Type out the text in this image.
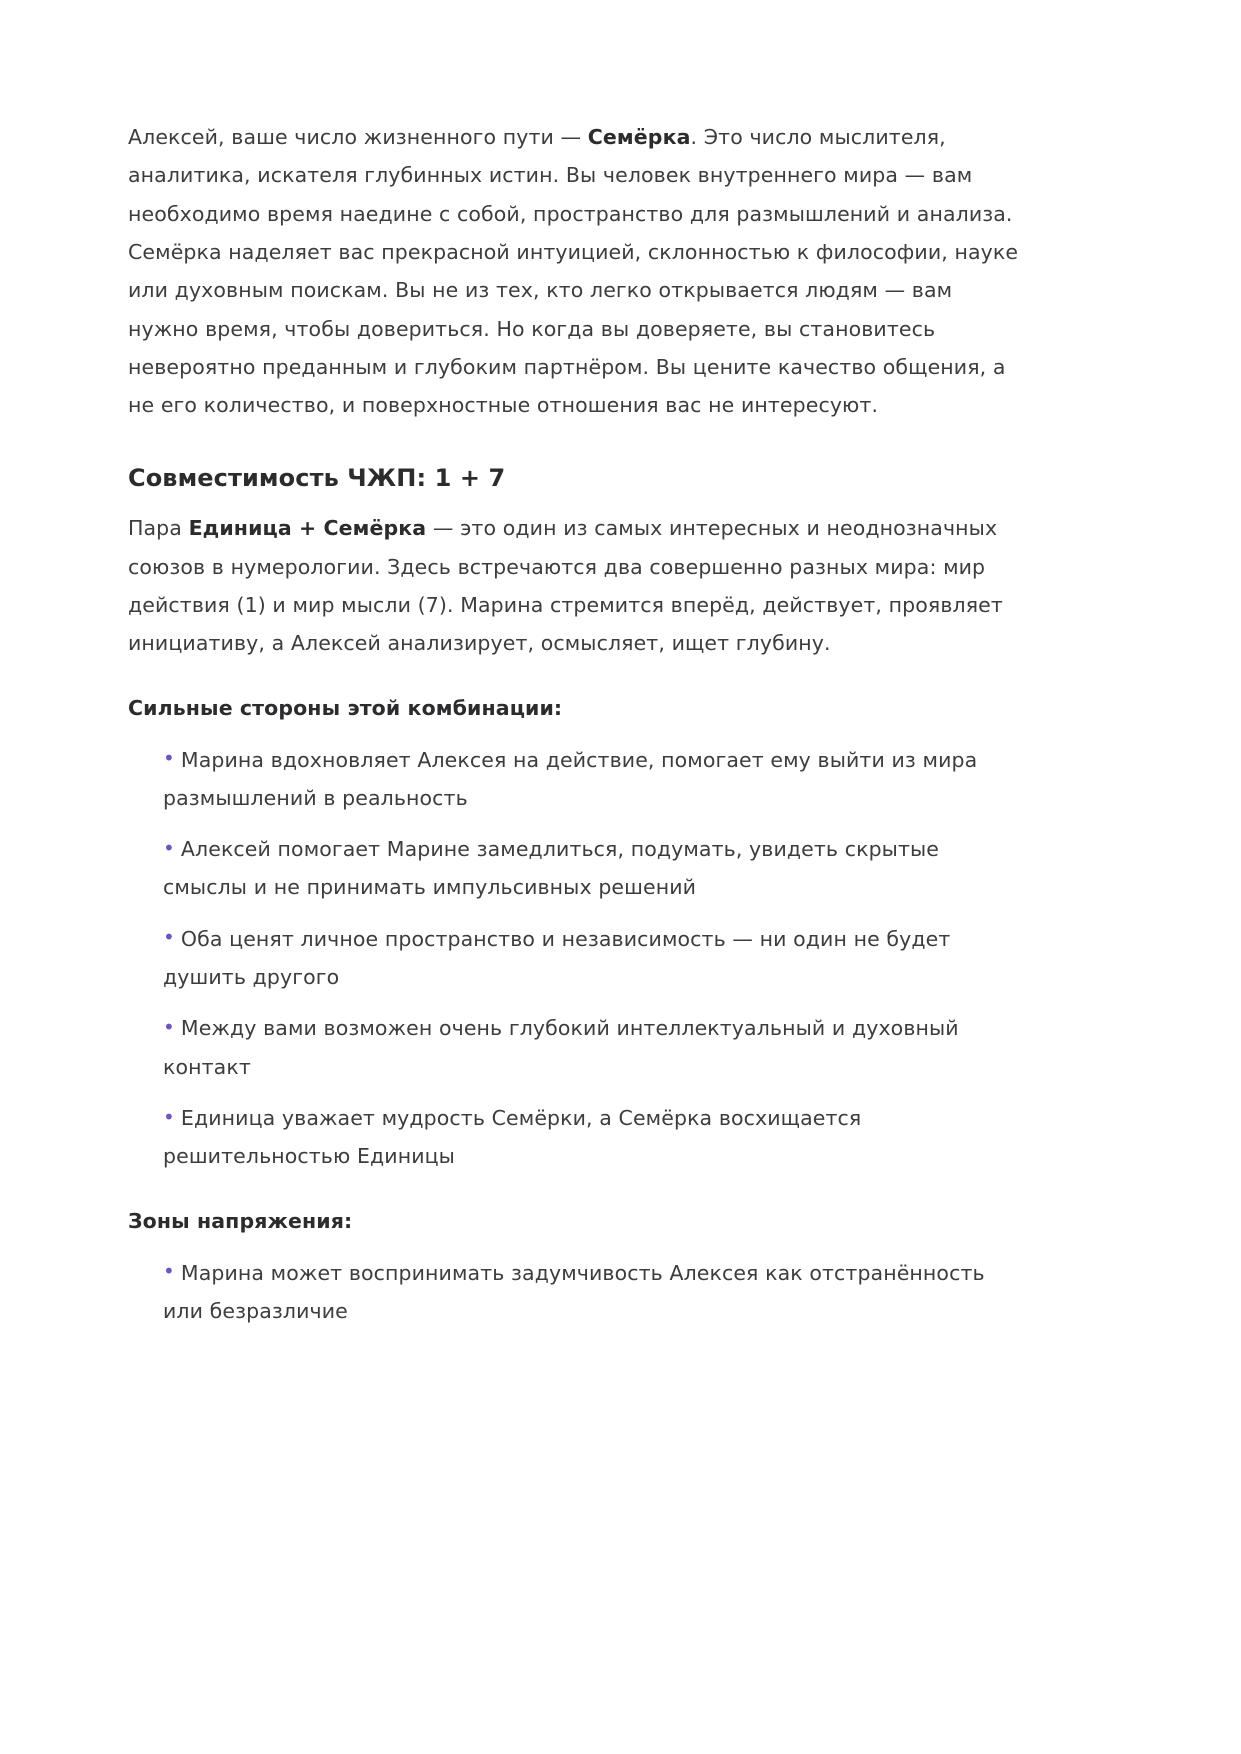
Алексей, ваше число жизненного пути — Семёрка. Это число мыслителя, аналитика, искателя глубинных истин. Вы человек внутреннего мира — вам необходимо время наедине с собой, пространство для размышлений и анализа. Семёрка наделяет вас прекрасной интуицией, склонностью к философии, науке или духовным поискам. Вы не из тех, кто легко открывается людям — вам нужно время, чтобы довериться. Но когда вы доверяете, вы становитесь невероятно преданным и глубоким партнёром. Вы цените качество общения, а не его количество, и поверхностные отношения вас не интересуют.

Совместимость ЧЖП: 1 + 7

Пара Единица + Семёрка — это один из самых интересных и неоднозначных союзов в нумерологии. Здесь встречаются два совершенно разных мира: мир действия (1) и мир мысли (7). Марина стремится вперёд, действует, проявляет инициативу, а Алексей анализирует, осмысляет, ищет глубину.

Сильные стороны этой комбинации:
• Марина вдохновляет Алексея на действие, помогает ему выйти из мира размышлений в реальность
• Алексей помогает Марине замедлиться, подумать, увидеть скрытые смыслы и не принимать импульсивных решений
• Оба ценят личное пространство и независимость — ни один не будет душить другого
• Между вами возможен очень глубокий интеллектуальный и духовный контакт
• Единица уважает мудрость Семёрки, а Семёрка восхищается решительностью Единицы
Зоны напряжения:
• Марина может воспринимать задумчивость Алексея как отстранённость или безразличие
